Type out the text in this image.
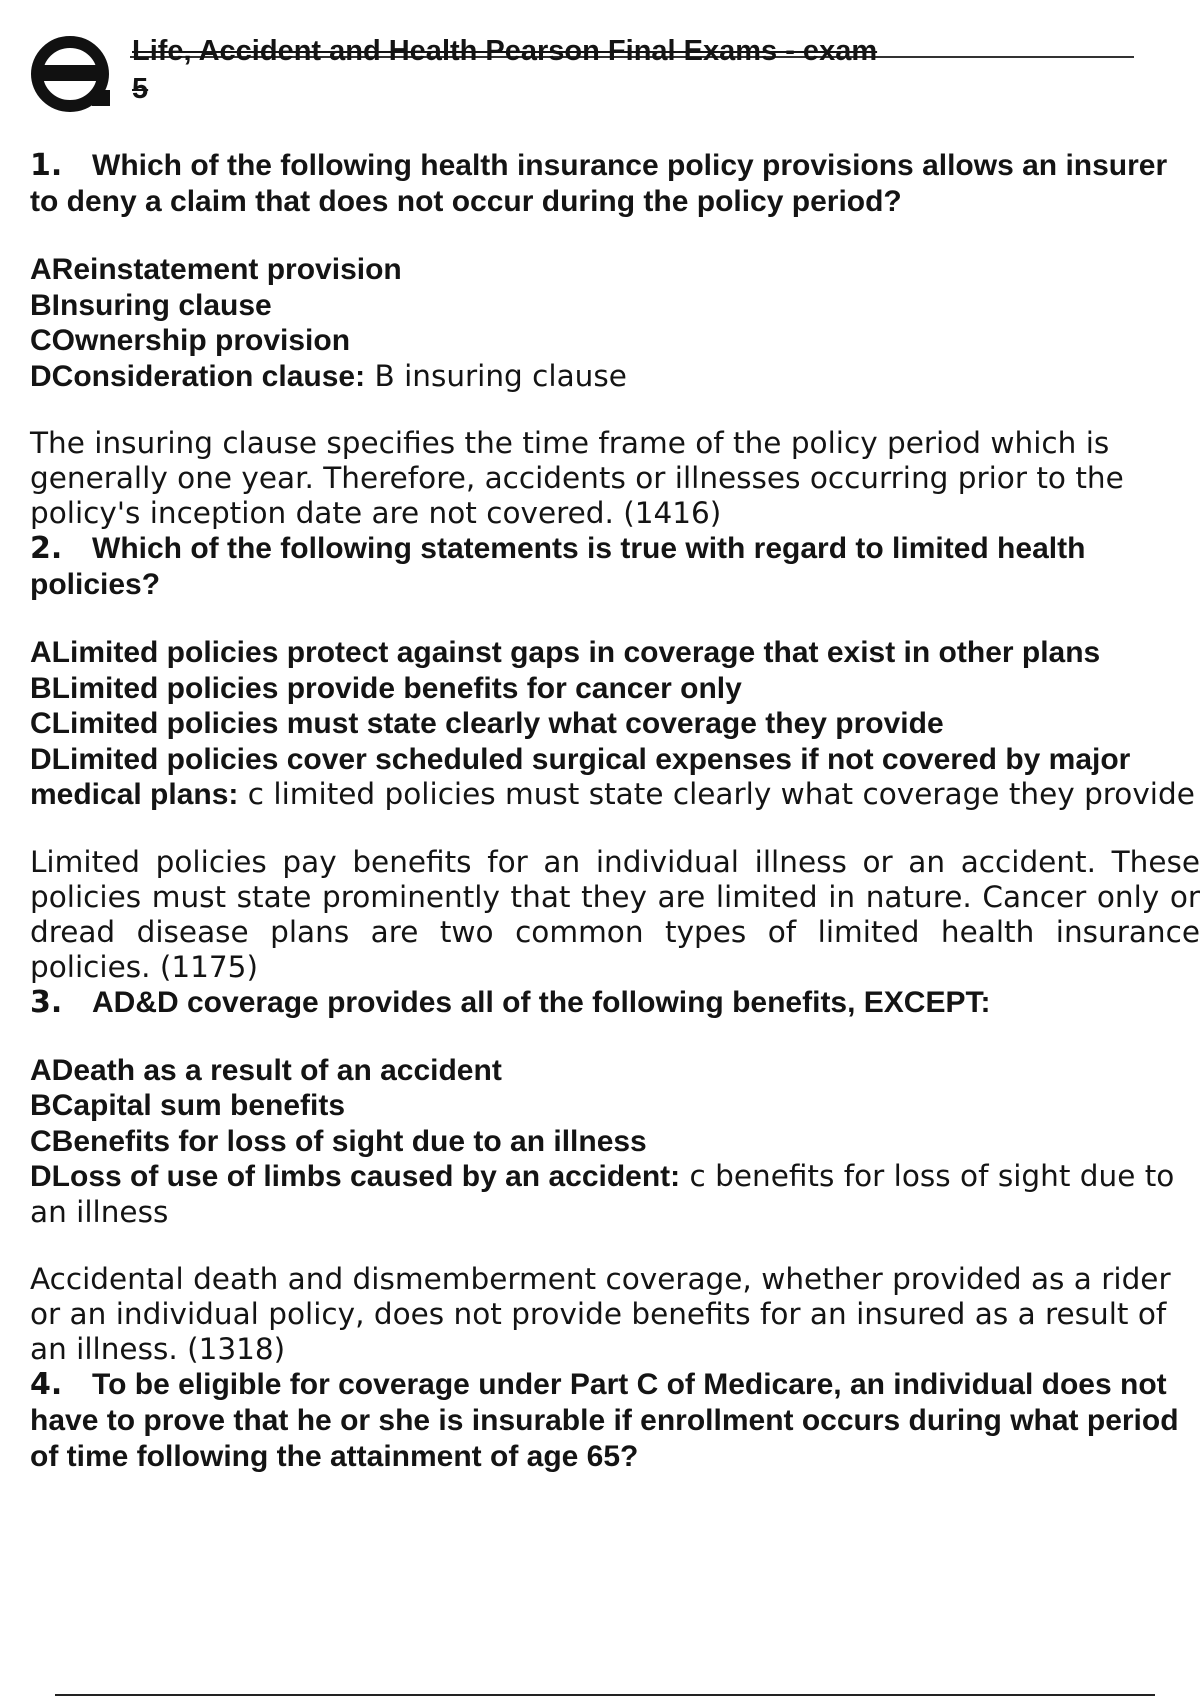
Life, Accident and Health Pearson Final Exams - exam
5

1. Which of the following health insurance policy provisions allows an insurer to deny a claim that does not occur during the policy period?

AReinstatement provision
BInsuring clause
COwnership provision
DConsideration clause: B insuring clause
The insuring clause specifies the time frame of the policy period which is generally one year. Therefore, accidents or illnesses occurring prior to the policy's inception date are not covered. (1416)

2. Which of the following statements is true with regard to limited health policies?

ALimited policies protect against gaps in coverage that exist in other plans
BLimited policies provide benefits for cancer only
CLimited policies must state clearly what coverage they provide
DLimited policies cover scheduled surgical expenses if not covered by major medical plans: c limited policies must state clearly what coverage they provide
Limited policies pay benefits for an individual illness or an accident. These policies must state prominently that they are limited in nature. Cancer only or dread disease plans are two common types of limited health insurance policies. (1175)

3. AD&D coverage provides all of the following benefits, EXCEPT:

ADeath as a result of an accident
BCapital sum benefits
CBenefits for loss of sight due to an illness
DLoss of use of limbs caused by an accident: c benefits for loss of sight due to an illness
Accidental death and dismemberment coverage, whether provided as a rider or an individual policy, does not provide benefits for an insured as a result of an illness. (1318)

4. To be eligible for coverage under Part C of Medicare, an individual does not have to prove that he or she is insurable if enrollment occurs during what period of time following the attainment of age 65?
